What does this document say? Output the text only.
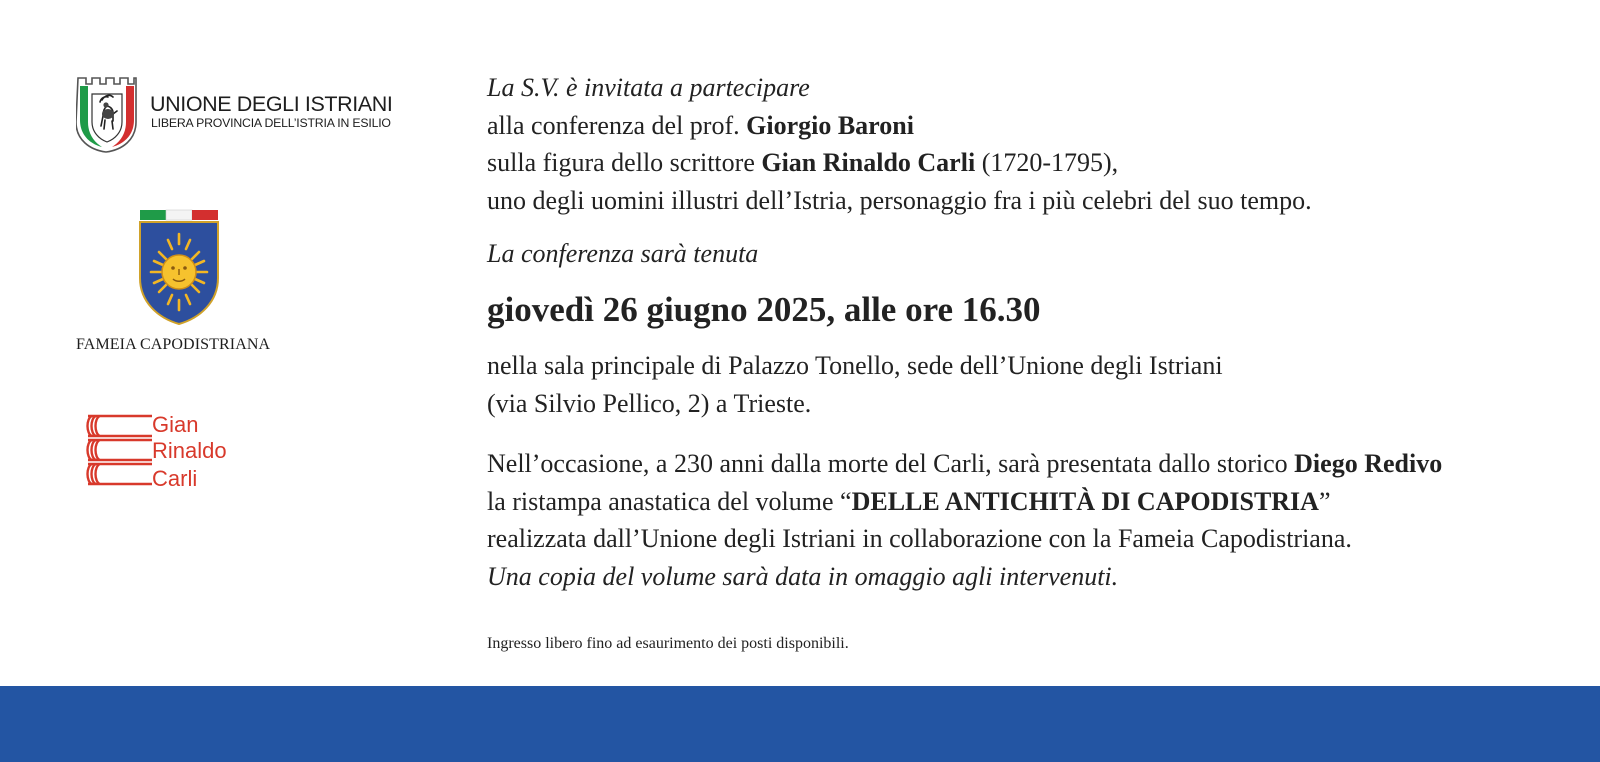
UNIONE DEGLI ISTRIANI
LIBERA PROVINCIA DELL’ISTRIA IN ESILIO
FAMEIA CAPODISTRIANA
Gian
Rinaldo
Carli
La S.V. è invitata a partecipare
alla conferenza del prof. Giorgio Baroni
sulla figura dello scrittore Gian Rinaldo Carli (1720-1795),
uno degli uomini illustri dell’Istria, personaggio fra i più celebri del suo tempo.
La conferenza sarà tenuta
giovedì 26 giugno 2025, alle ore 16.30
nella sala principale di Palazzo Tonello, sede dell’Unione degli Istriani
(via Silvio Pellico, 2) a Trieste.
Nell’occasione, a 230 anni dalla morte del Carli, sarà presentata dallo storico Diego Redivo
la ristampa anastatica del volume “DELLE ANTICHITÀ DI CAPODISTRIA”
realizzata dall’Unione degli Istriani in collaborazione con la Fameia Capodistriana.
Una copia del volume sarà data in omaggio agli intervenuti.
Ingresso libero fino ad esaurimento dei posti disponibili.
